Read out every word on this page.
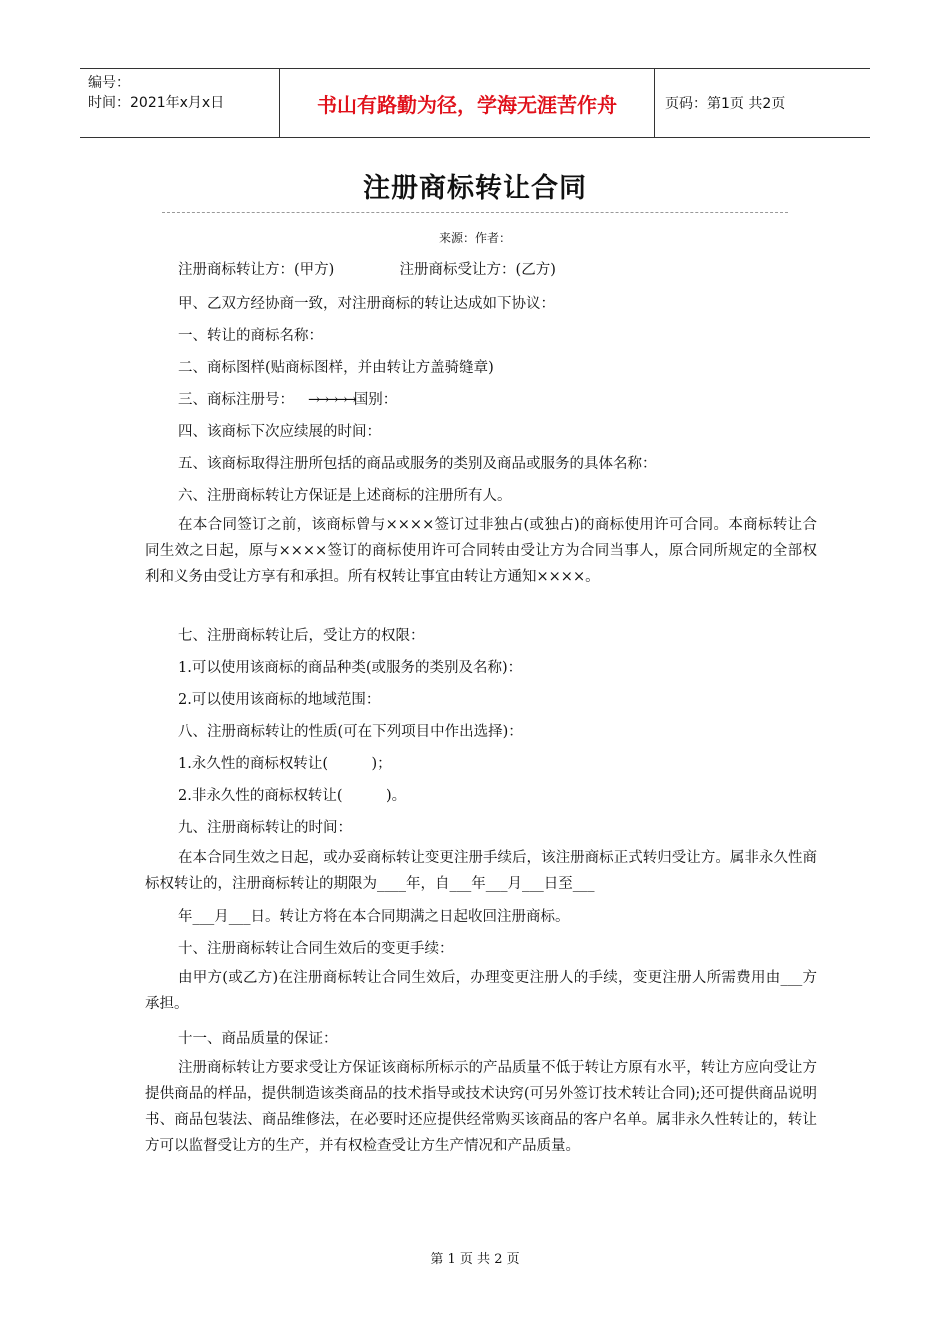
编号：
时间：2021年x月x日	书山有路勤为径，学海无涯苦作舟	页码：第1页 共2页
注册商标转让合同
来源：作者：
注册商标转让方：(甲方)	注册商标受让方：(乙方)
甲、乙双方经协商一致，对注册商标的转让达成如下协议：
一、转让的商标名称：
二、商标图样(贴商标图样，并由转让方盖骑缝章)
三、商标注册号： →→→→→国别：
四、该商标下次应续展的时间：
五、该商标取得注册所包括的商品或服务的类别及商品或服务的具体名称：
六、注册商标转让方保证是上述商标的注册所有人。
在本合同签订之前，该商标曾与××××签订过非独占(或独占)的商标使用许可合同。本商标转让合同生效之日起，原与××××签订的商标使用许可合同转由受让方为合同当事人，原合同所规定的全部权利和义务由受让方享有和承担。所有权转让事宜由转让方通知××××。
七、注册商标转让后，受让方的权限：
1.可以使用该商标的商品种类(或服务的类别及名称)：
2.可以使用该商标的地域范围：
八、注册商标转让的性质(可在下列项目中作出选择)：
1.永久性的商标权转让(　　　)；
2.非永久性的商标权转让(　　　)。
九、注册商标转让的时间：
在本合同生效之日起，或办妥商标转让变更注册手续后，该注册商标正式转归受让方。属非永久性商标权转让的，注册商标转让的期限为____年，自___年___月___日至___
年___月___日。转让方将在本合同期满之日起收回注册商标。
十、注册商标转让合同生效后的变更手续：
由甲方(或乙方)在注册商标转让合同生效后，办理变更注册人的手续，变更注册人所需费用由___方承担。
十一、商品质量的保证：
注册商标转让方要求受让方保证该商标所标示的产品质量不低于转让方原有水平，转让方应向受让方提供商品的样品，提供制造该类商品的技术指导或技术诀窍(可另外签订技术转让合同);还可提供商品说明书、商品包装法、商品维修法，在必要时还应提供经常购买该商品的客户名单。属非永久性转让的，转让方可以监督受让方的生产，并有权检查受让方生产情况和产品质量。
第 1 页 共 2 页
